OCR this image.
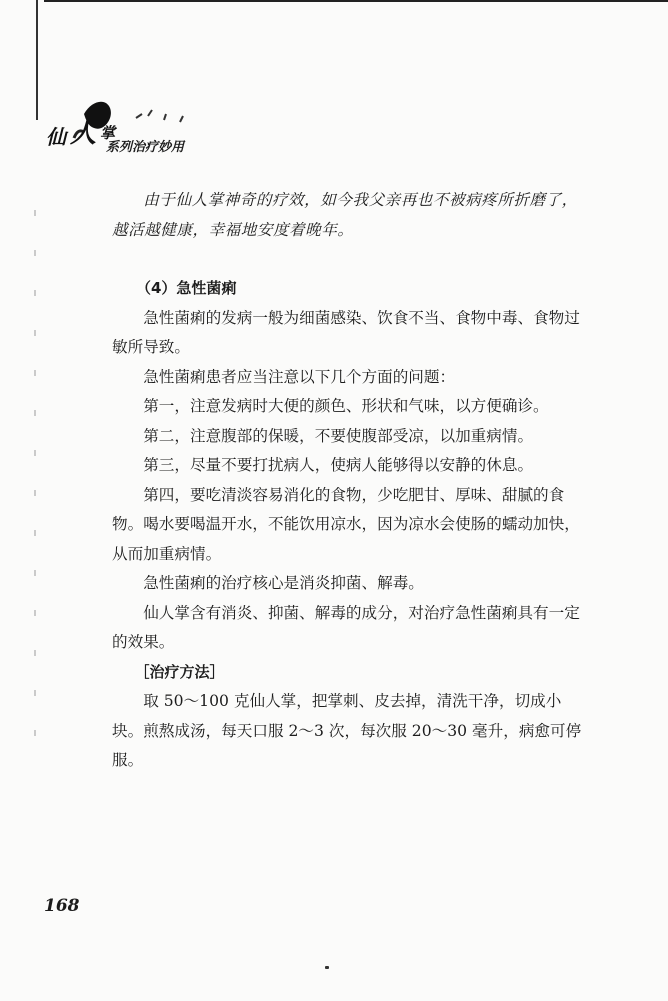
仙 人 掌
系列治疗妙用

由于仙人掌神奇的疗效，如今我父亲再也不被病疼所折磨了，越活越健康，幸福地安度着晚年。

（4）急性菌痢

急性菌痢的发病一般为细菌感染、饮食不当、食物中毒、食物过敏所导致。

急性菌痢患者应当注意以下几个方面的问题：

第一，注意发病时大便的颜色、形状和气味，以方便确诊。

第二，注意腹部的保暖，不要使腹部受凉，以加重病情。

第三，尽量不要打扰病人，使病人能够得以安静的休息。

第四，要吃清淡容易消化的食物，少吃肥甘、厚味、甜腻的食物。喝水要喝温开水，不能饮用凉水，因为凉水会使肠的蠕动加快，从而加重病情。

急性菌痢的治疗核心是消炎抑菌、解毒。

仙人掌含有消炎、抑菌、解毒的成分，对治疗急性菌痢具有一定的效果。

［治疗方法］

取 50～100 克仙人掌，把掌刺、皮去掉，清洗干净，切成小块。煎熬成汤，每天口服 2～3 次，每次服 20～30 毫升，病愈可停服。

168
